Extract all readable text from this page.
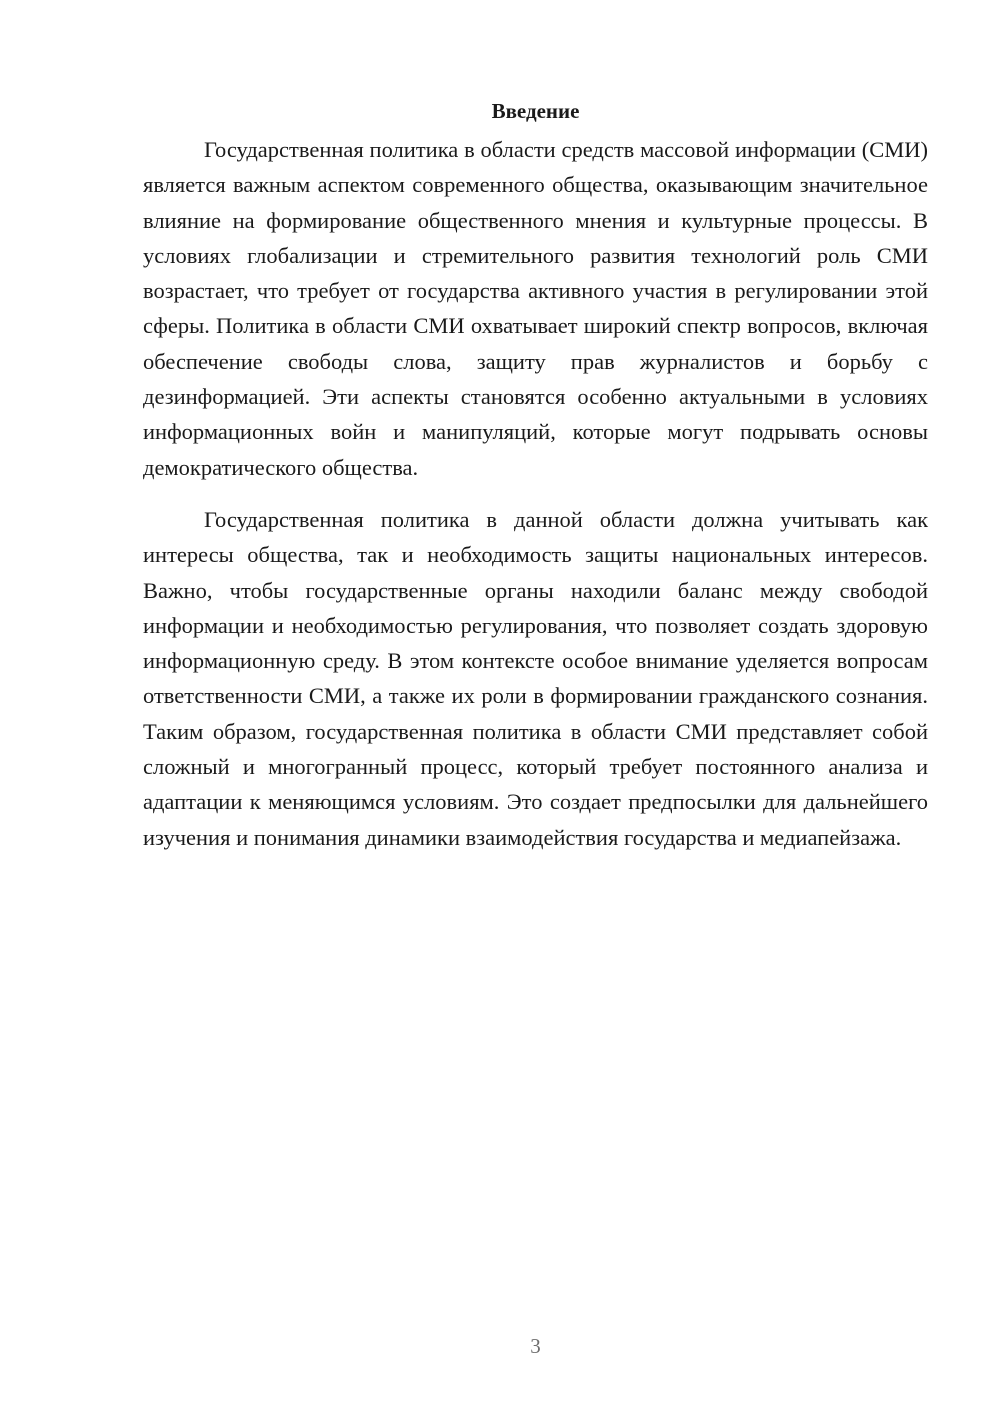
Введение

Государственная политика в области средств массовой информации (СМИ) является важным аспектом современного общества, оказывающим значительное влияние на формирование общественного мнения и культурные процессы. В условиях глобализации и стремительного развития технологий роль СМИ возрастает, что требует от государства активного участия в регулировании этой сферы. Политика в области СМИ охватывает широкий спектр вопросов, включая обеспечение свободы слова, защиту прав журналистов и борьбу с дезинформацией. Эти аспекты становятся особенно актуальными в условиях информационных войн и манипуляций, которые могут подрывать основы демократического общества.

Государственная политика в данной области должна учитывать как интересы общества, так и необходимость защиты национальных интересов. Важно, чтобы государственные органы находили баланс между свободой информации и необходимостью регулирования, что позволяет создать здоровую информационную среду. В этом контексте особое внимание уделяется вопросам ответственности СМИ, а также их роли в формировании гражданского сознания. Таким образом, государственная политика в области СМИ представляет собой сложный и многогранный процесс, который требует постоянного анализа и адаптации к меняющимся условиям. Это создает предпосылки для дальнейшего изучения и понимания динамики взаимодействия государства и медиапейзажа.

3
